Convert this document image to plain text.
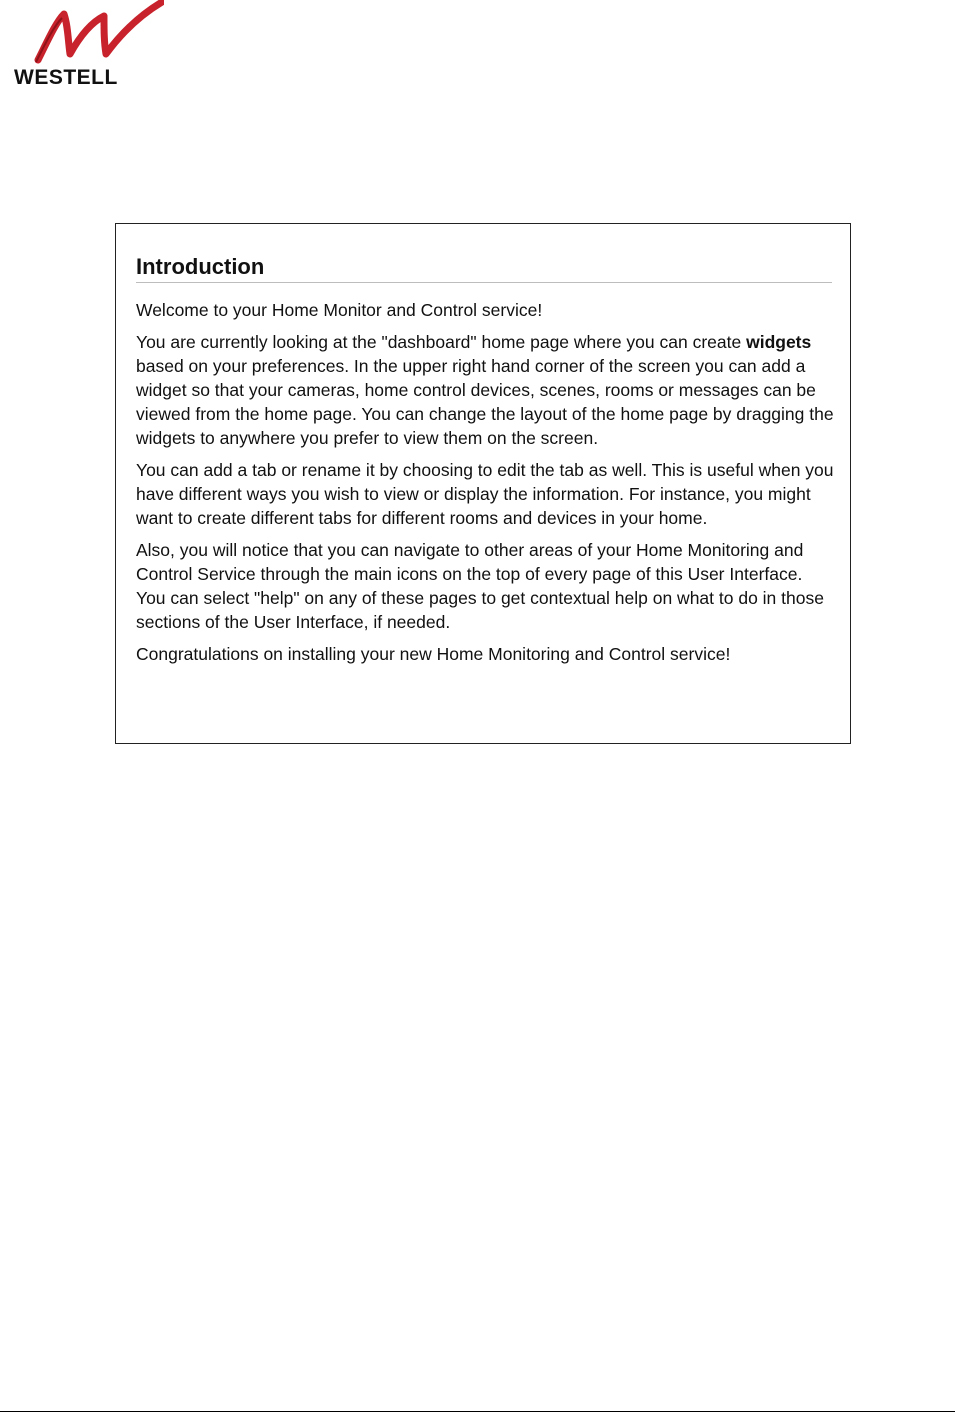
WESTELL
Introduction

Welcome to your Home Monitor and Control service!

You are currently looking at the "dashboard" home page where you can create widgets based on your preferences. In the upper right hand corner of the screen you can add a widget so that your cameras, home control devices, scenes, rooms or messages can be viewed from the home page. You can change the layout of the home page by dragging the widgets to anywhere you prefer to view them on the screen.

You can add a tab or rename it by choosing to edit the tab as well. This is useful when you have different ways you wish to view or display the information. For instance, you might want to create different tabs for different rooms and devices in your home.

Also, you will notice that you can navigate to other areas of your Home Monitoring and Control Service through the main icons on the top of every page of this User Interface. You can select "help" on any of these pages to get contextual help on what to do in those sections of the User Interface, if needed.

Congratulations on installing your new Home Monitoring and Control service!
